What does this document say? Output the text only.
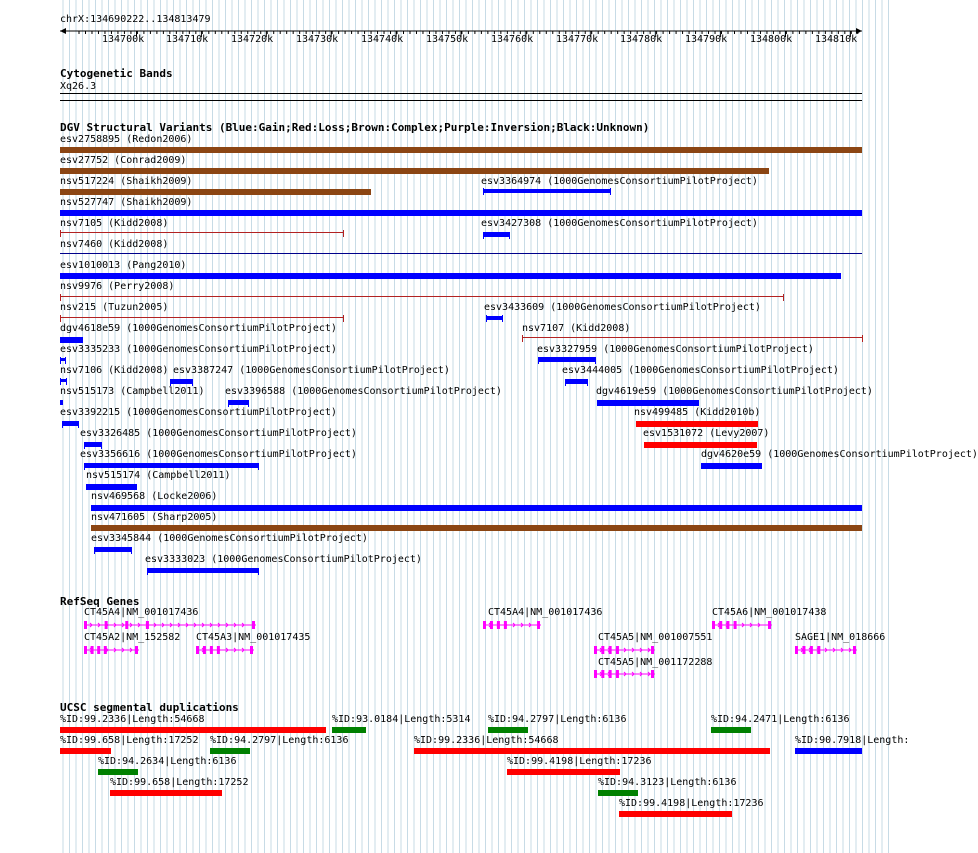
chrX:134690222..134813479
134700k 134710k 134720k 134730k 134740k 134750k 134760k 134770k 134780k 134790k 134800k 134810k
Cytogenetic Bands
Xq26.3
DGV Structural Variants (Blue:Gain;Red:Loss;Brown:Complex;Purple:Inversion;Black:Unknown)
esv2758895 (Redon2006)
esv27752 (Conrad2009)
nsv517224 (Shaikh2009)	esv3364974 (1000GenomesConsortiumPilotProject)
nsv527747 (Shaikh2009)
nsv7105 (Kidd2008)	esv3427308 (1000GenomesConsortiumPilotProject)
nsv7460 (Kidd2008)
esv1010013 (Pang2010)
nsv9976 (Perry2008)
nsv215 (Tuzun2005)	esv3433609 (1000GenomesConsortiumPilotProject)
dgv4618e59 (1000GenomesConsortiumPilotProject)	nsv7107 (Kidd2008)
esv3335233 (1000GenomesConsortiumPilotProject)	esv3327959 (1000GenomesConsortiumPilotProject)
nsv7106 (Kidd2008) esv3387247 (1000GenomesConsortiumPilotProject)	esv3444005 (1000GenomesConsortiumPilotProject)
nsv515173 (Campbell2011) esv3396588 (1000GenomesConsortiumPilotProject)	dgv4619e59 (1000GenomesConsortiumPilotProject)
esv3392215 (1000GenomesConsortiumPilotProject)	nsv499485 (Kidd2010b)
esv3326485 (1000GenomesConsortiumPilotProject)	esv1531072 (Levy2007)
esv3356616 (1000GenomesConsortiumPilotProject)	dgv4620e59 (1000GenomesConsortiumPilotProject)
nsv515174 (Campbell2011)
nsv469568 (Locke2006)
nsv471605 (Sharp2005)
esv3345844 (1000GenomesConsortiumPilotProject)
esv3333023 (1000GenomesConsortiumPilotProject)
RefSeq Genes
CT45A4|NM_001017436	CT45A4|NM_001017436	CT45A6|NM_001017438
CT45A2|NM_152582 CT45A3|NM_001017435	CT45A5|NM_001007551	SAGE1|NM_018666
CT45A5|NM_001172288
UCSC segmental duplications
%ID:99.2336|Length:54668	%ID:93.0184|Length:5314 %ID:94.2797|Length:6136	%ID:94.2471|Length:6136
%ID:99.658|Length:17252 %ID:94.2797|Length:6136	%ID:99.2336|Length:54668	%ID:90.7918|Length:
%ID:94.2634|Length:6136	%ID:99.4198|Length:17236
%ID:99.658|Length:17252	%ID:94.3123|Length:6136
%ID:99.4198|Length:17236
